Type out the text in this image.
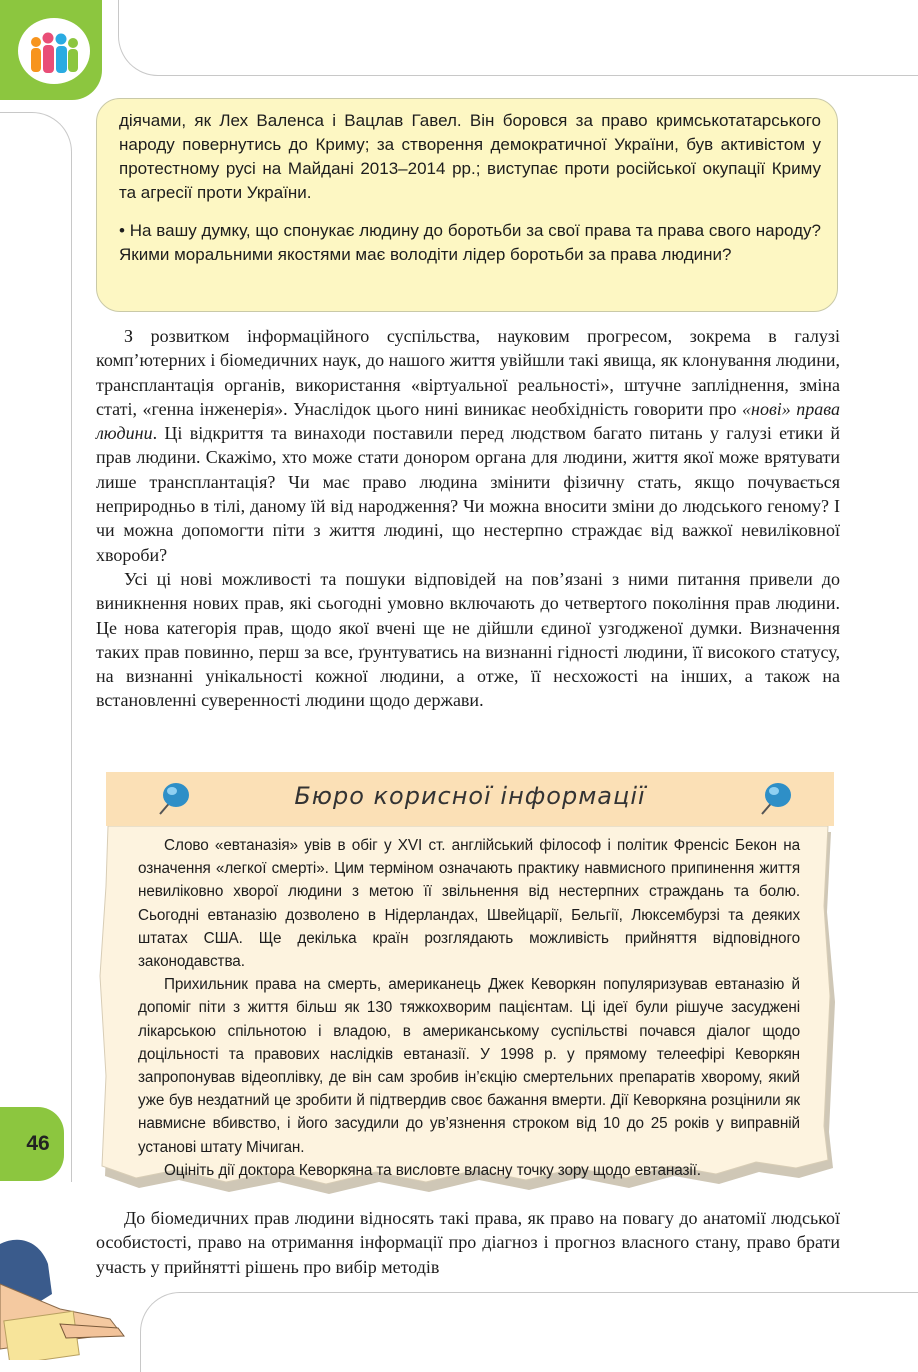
46

діячами, як Лех Валенса і Вацлав Гавел. Він боровся за право кримськотатарського народу повернутись до Криму; за створення демократичної України, був активістом у протестному русі на Майдані 2013–2014 рр.; виступає проти російської окупації Криму та агресії проти України.

• На вашу думку, що спонукає людину до боротьби за свої права та права свого народу? Якими моральними якостями має володіти лідер боротьби за права людини?

З розвитком інформаційного суспільства, науковим прогресом, зокрема в галузі комп’ютерних і біомедичних наук, до нашого життя увійшли такі явища, як клонування людини, трансплантація органів, використання «віртуальної реальності», штучне запліднення, зміна статі, «генна інженерія». Унаслідок цього нині виникає необхідність говорити про «нові» права людини. Ці відкриття та винаходи поставили перед людством багато питань у галузі етики й прав людини. Скажімо, хто може стати донором органа для людини, життя якої може врятувати лише трансплантація? Чи має право людина змінити фізичну стать, якщо почувається неприродньо в тілі, даному їй від народження? Чи можна вносити зміни до людського геному? І чи можна допомогти піти з життя людині, що нестерпно страждає від важкої невиліковної хвороби?

Усі ці нові можливості та пошуки відповідей на пов’язані з ними питання привели до виникнення нових прав, які сьогодні умовно включають до четвертого покоління прав людини. Це нова категорія прав, щодо якої вчені ще не дійшли єдиної узгодженої думки. Визначення таких прав повинно, перш за все, ґрунтуватись на визнанні гідності людини, її високого статусу, на визнанні унікальності кожної людини, а отже, її несхожості на інших, а також на встановленні суверенності людини щодо держави.

Бюро корисної інформації

Слово «евтаназія» увів в обіг у XVI ст. англійський філософ і політик Френсіс Бекон на означення «легкої смерті». Цим терміном означають практику навмисного припинення життя невиліковно хворої людини з метою її звільнення від нестерпних страждань та болю. Сьогодні евтаназію дозволено в Нідерландах, Швейцарії, Бельгії, Люксембурзі та деяких штатах США. Ще декілька країн розглядають можливість прийняття відповідного законодавства.

Прихильник права на смерть, американець Джек Кеворкян популяризував евтаназію й допоміг піти з життя більш як 130 тяжкохворим пацієнтам. Ці ідеї були рішуче засуджені лікарською спільнотою і владою, в американському суспільстві почався діалог щодо доцільності та правових наслідків евтаназії. У 1998 р. у прямому телеефірі Кеворкян запропонував відеоплівку, де він сам зробив ін’єкцію смертельних препаратів хворому, який уже був нездатний це зробити й підтвердив своє бажання вмерти. Дії Кеворкяна розцінили як навмисне вбивство, і його засудили до ув’язнення строком від 10 до 25 років у виправній установі штату Мічиган.

Оцініть дії доктора Кеворкяна та висловте власну точку зору щодо евтаназії.

До біомедичних прав людини відносять такі права, як право на повагу до анатомії людської особистості, право на отримання інформації про діагноз і прогноз власного стану, право брати участь у прийнятті рішень про вибір методів
